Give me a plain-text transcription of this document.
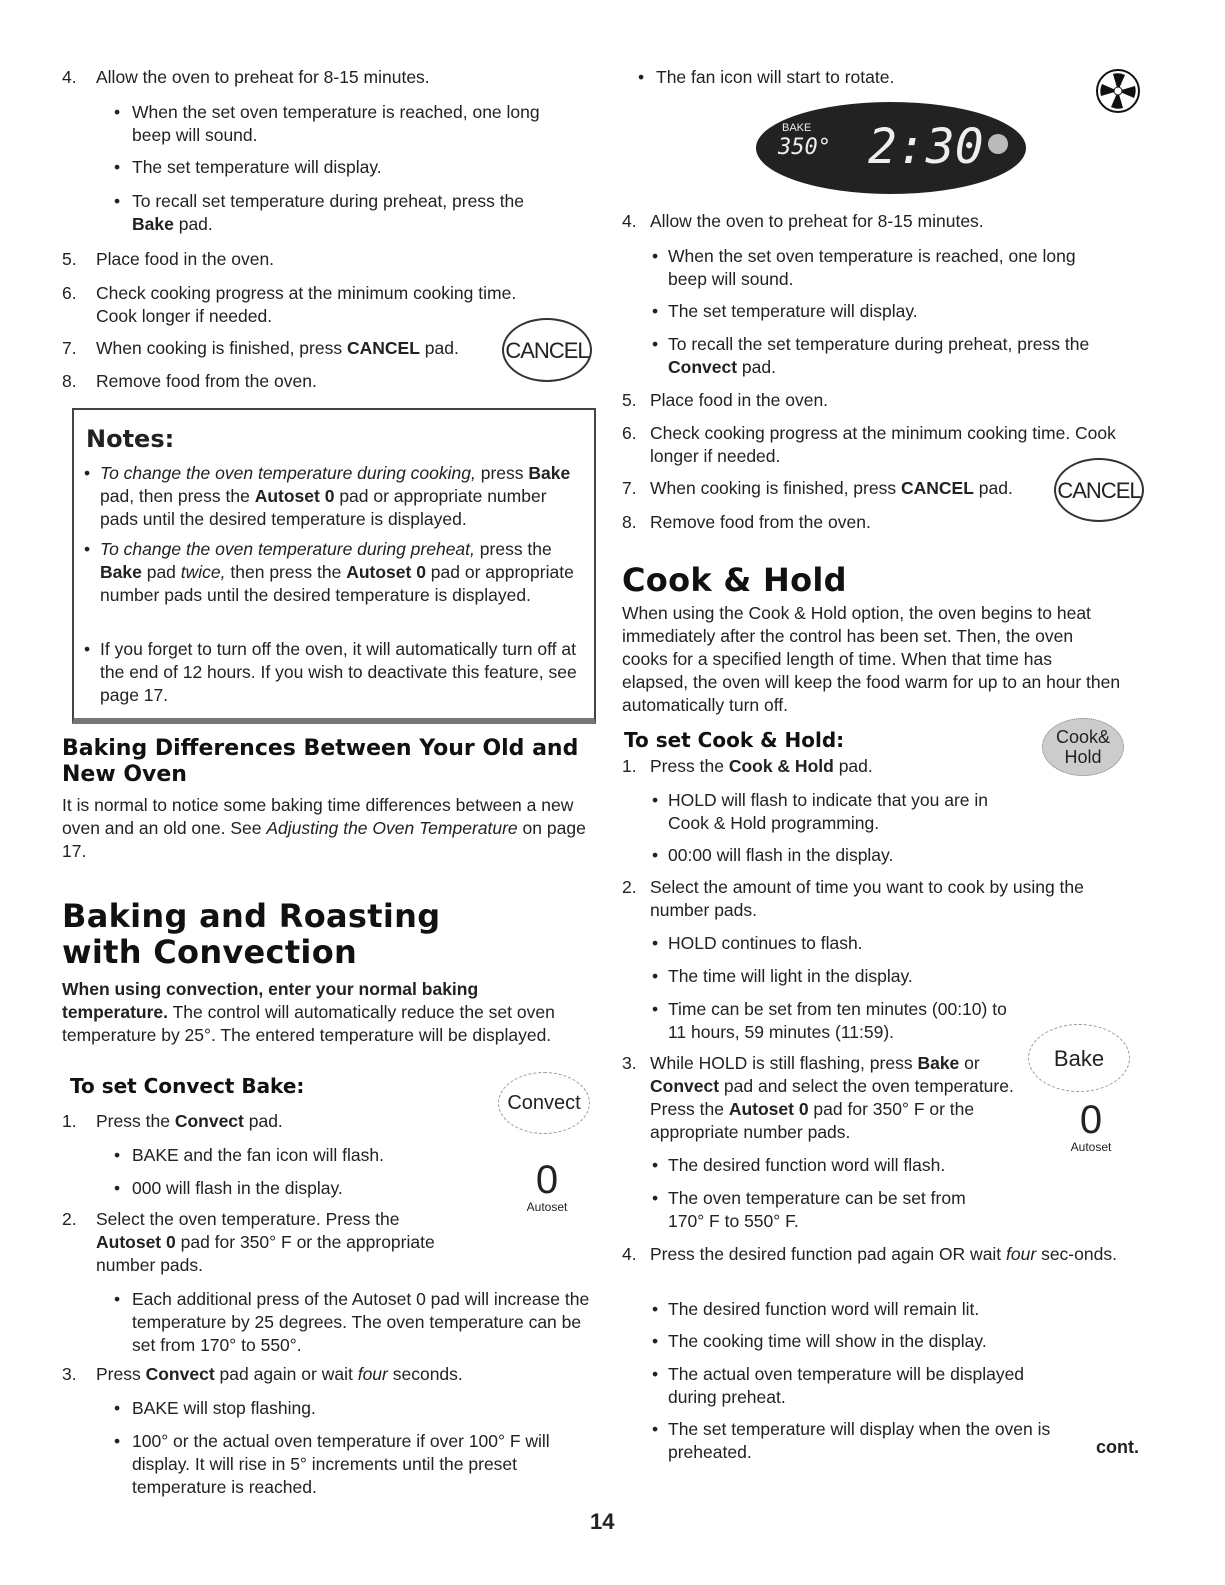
4. Allow the oven to preheat for 8-15 minutes.
• When the set oven temperature is reached, one long beep will sound.
• The set temperature will display.
• To recall set temperature during preheat, press the
Bake pad.
5. Place food in the oven.
6. Check cooking progress at the minimum cooking time. Cook longer if needed.
7. When cooking is finished, press CANCEL pad.	CANCEL
8. Remove food from the oven.
Notes:
• To change the oven temperature during cooking, press Bake pad, then press the Autoset 0 pad or appropriate number pads until the desired temperature is displayed.
• To change the oven temperature during preheat, press the Bake pad twice, then press the Autoset 0 pad or appropriate number pads until the desired temperature is displayed.
• If you forget to turn off the oven, it will automatically turn off at the end of 12 hours. If you wish to deactivate this feature, see page 17.
Baking Differences Between Your Old and New Oven
It is normal to notice some baking time differences between a new oven and an old one. See Adjusting the Oven Temperature on page 17.
Baking and Roasting with Convection
When using convection, enter your normal baking temperature. The control will automatically reduce the set oven temperature by 25°. The entered temperature will be displayed.
To set Convect Bake:
Convect
1. Press the Convect pad.
• BAKE and the fan icon will flash.
• 000 will flash in the display.	0
Autoset
2. Select the oven temperature. Press the Autoset 0 pad for 350° F or the appropriate number pads.
• Each additional press of the Autoset 0 pad will increase the temperature by 25 degrees. The oven temperature can be set from 170° to 550°.
3. Press Convect pad again or wait four seconds.
• BAKE will stop flashing.
• 100° or the actual oven temperature if over 100° F will display. It will rise in 5° increments until the preset temperature is reached.
BAKE
350° 2:30
• The fan icon will start to rotate.
4. Allow the oven to preheat for 8-15 minutes.
• When the set oven temperature is reached, one long beep will sound.
• The set temperature will display.
• To recall the set temperature during preheat, press the
Convect pad.
5. Place food in the oven.
6. Check cooking progress at the minimum cooking time. Cook longer if needed.
7. When cooking is finished, press CANCEL pad.	CANCEL
8. Remove food from the oven.
Cook & Hold
When using the Cook & Hold option, the oven begins to heat immediately after the control has been set. Then, the oven cooks for a specified length of time. When that time has elapsed, the oven will keep the food warm for up to an hour then automatically turn off.
To set Cook & Hold:	Cook&
Hold
1. Press the Cook & Hold pad.
• HOLD will flash to indicate that you are in Cook & Hold programming.
• 00:00 will flash in the display.
2. Select the amount of time you want to cook by using the number pads.
• HOLD continues to flash.
• The time will light in the display.
• Time can be set from ten minutes (00:10) to 11 hours, 59 minutes (11:59).
Bake
3. While HOLD is still flashing, press Bake or Convect pad and select the oven temperature. Press the Autoset 0 pad for 350° F or the appropriate number pads.	0
Autoset
• The desired function word will flash.
• The oven temperature can be set from 170° F to 550° F.
4. Press the desired function pad again OR wait four sec-onds.
• The desired function word will remain lit.
• The cooking time will show in the display.
• The actual oven temperature will be displayed during preheat.
• The set temperature will display when the oven is preheated.	cont.
14
